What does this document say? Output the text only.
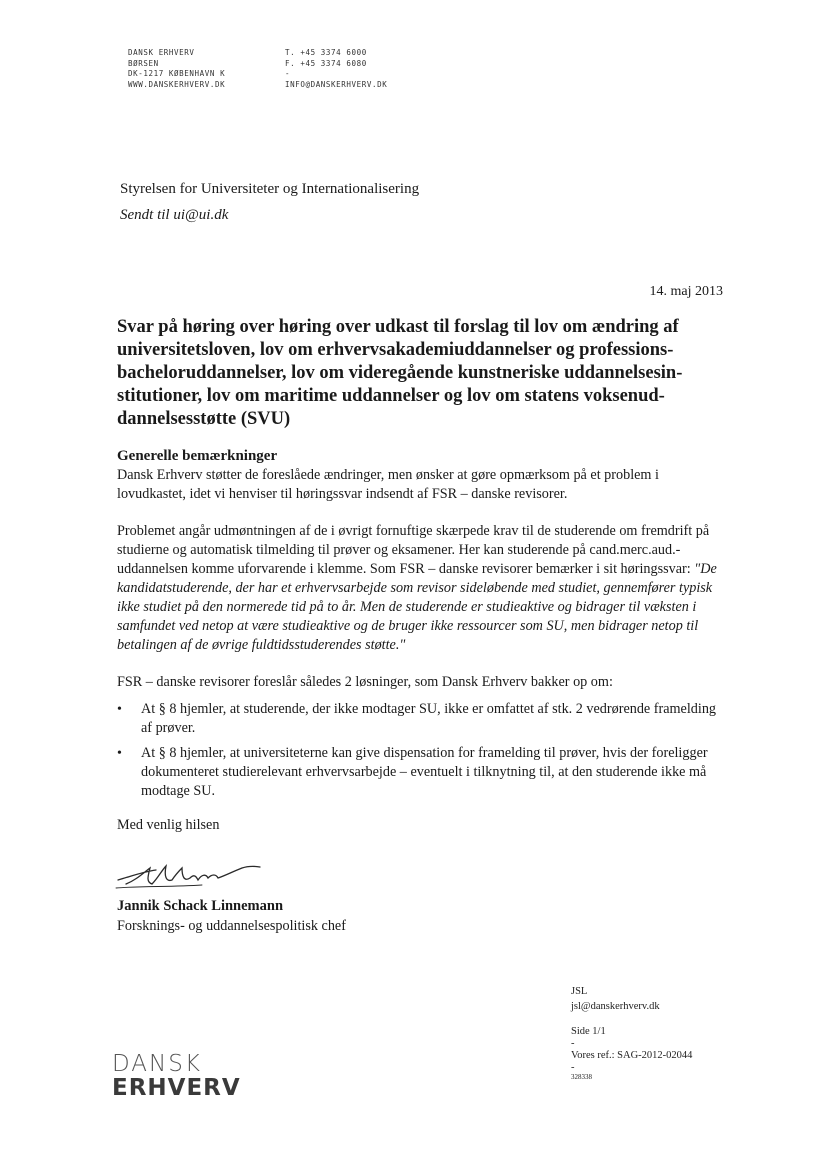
DANSK ERHVERV
BØRSEN
DK-1217 KØBENHAVN K
WWW.DANSKERHVERV.DK
T. +45 3374 6000
F. +45 3374 6080
-
INFO@DANSKERHVERV.DK
Styrelsen for Universiteter og Internationalisering
Sendt til ui@ui.dk
14. maj 2013
Svar på høring over høring over udkast til forslag til lov om ændring af
universitetsloven, lov om erhvervsakademiuddannelser og professions-
bacheloruddannelser, lov om videregående kunstneriske uddannelsesin-
stitutioner, lov om maritime uddannelser og lov om statens voksenud-
dannelsesstøtte (SVU)
Generelle bemærkninger

Dansk Erhverv støtter de foreslåede ændringer, men ønsker at gøre opmærksom på et problem i lovudkastet, idet vi henviser til høringssvar indsendt af FSR – danske revisorer.

Problemet angår udmøntningen af de i øvrigt fornuftige skærpede krav til de studerende om fremdrift på studierne og automatisk tilmelding til prøver og eksamener. Her kan studerende på cand.merc.aud.-uddannelsen komme uforvarende i klemme. Som FSR – danske revisorer bemærker i sit høringssvar: "De kandidatstuderende, der har et erhvervsarbejde som revisor sideløbende med studiet, gennemfører typisk ikke studiet på den normerede tid på to år. Men de studerende er studieaktive og bidrager til væksten i samfundet ved netop at være studieaktive og de bruger ikke ressourcer som SU, men bidrager netop til betalingen af de øvrige fuldtidsstuderendes støtte."

FSR – danske revisorer foreslår således 2 løsninger, som Dansk Erhverv bakker op om:

• At § 8 hjemler, at studerende, der ikke modtager SU, ikke er omfattet af stk. 2 vedrørende framelding af prøver.
• At § 8 hjemler, at universiteterne kan give dispensation for framelding til prøver, hvis der foreligger dokumenteret studierelevant erhvervsarbejde – eventuelt i tilknytning til, at den studerende ikke må modtage SU.

Med venlig hilsen

Jannik Schack Linnemann
Forsknings- og uddannelsespolitisk chef
JSL
jsl@danskerhverv.dk
Side 1/1
-
Vores ref.: SAG-2012-02044
-
328338
DANSK
ERHVERV
